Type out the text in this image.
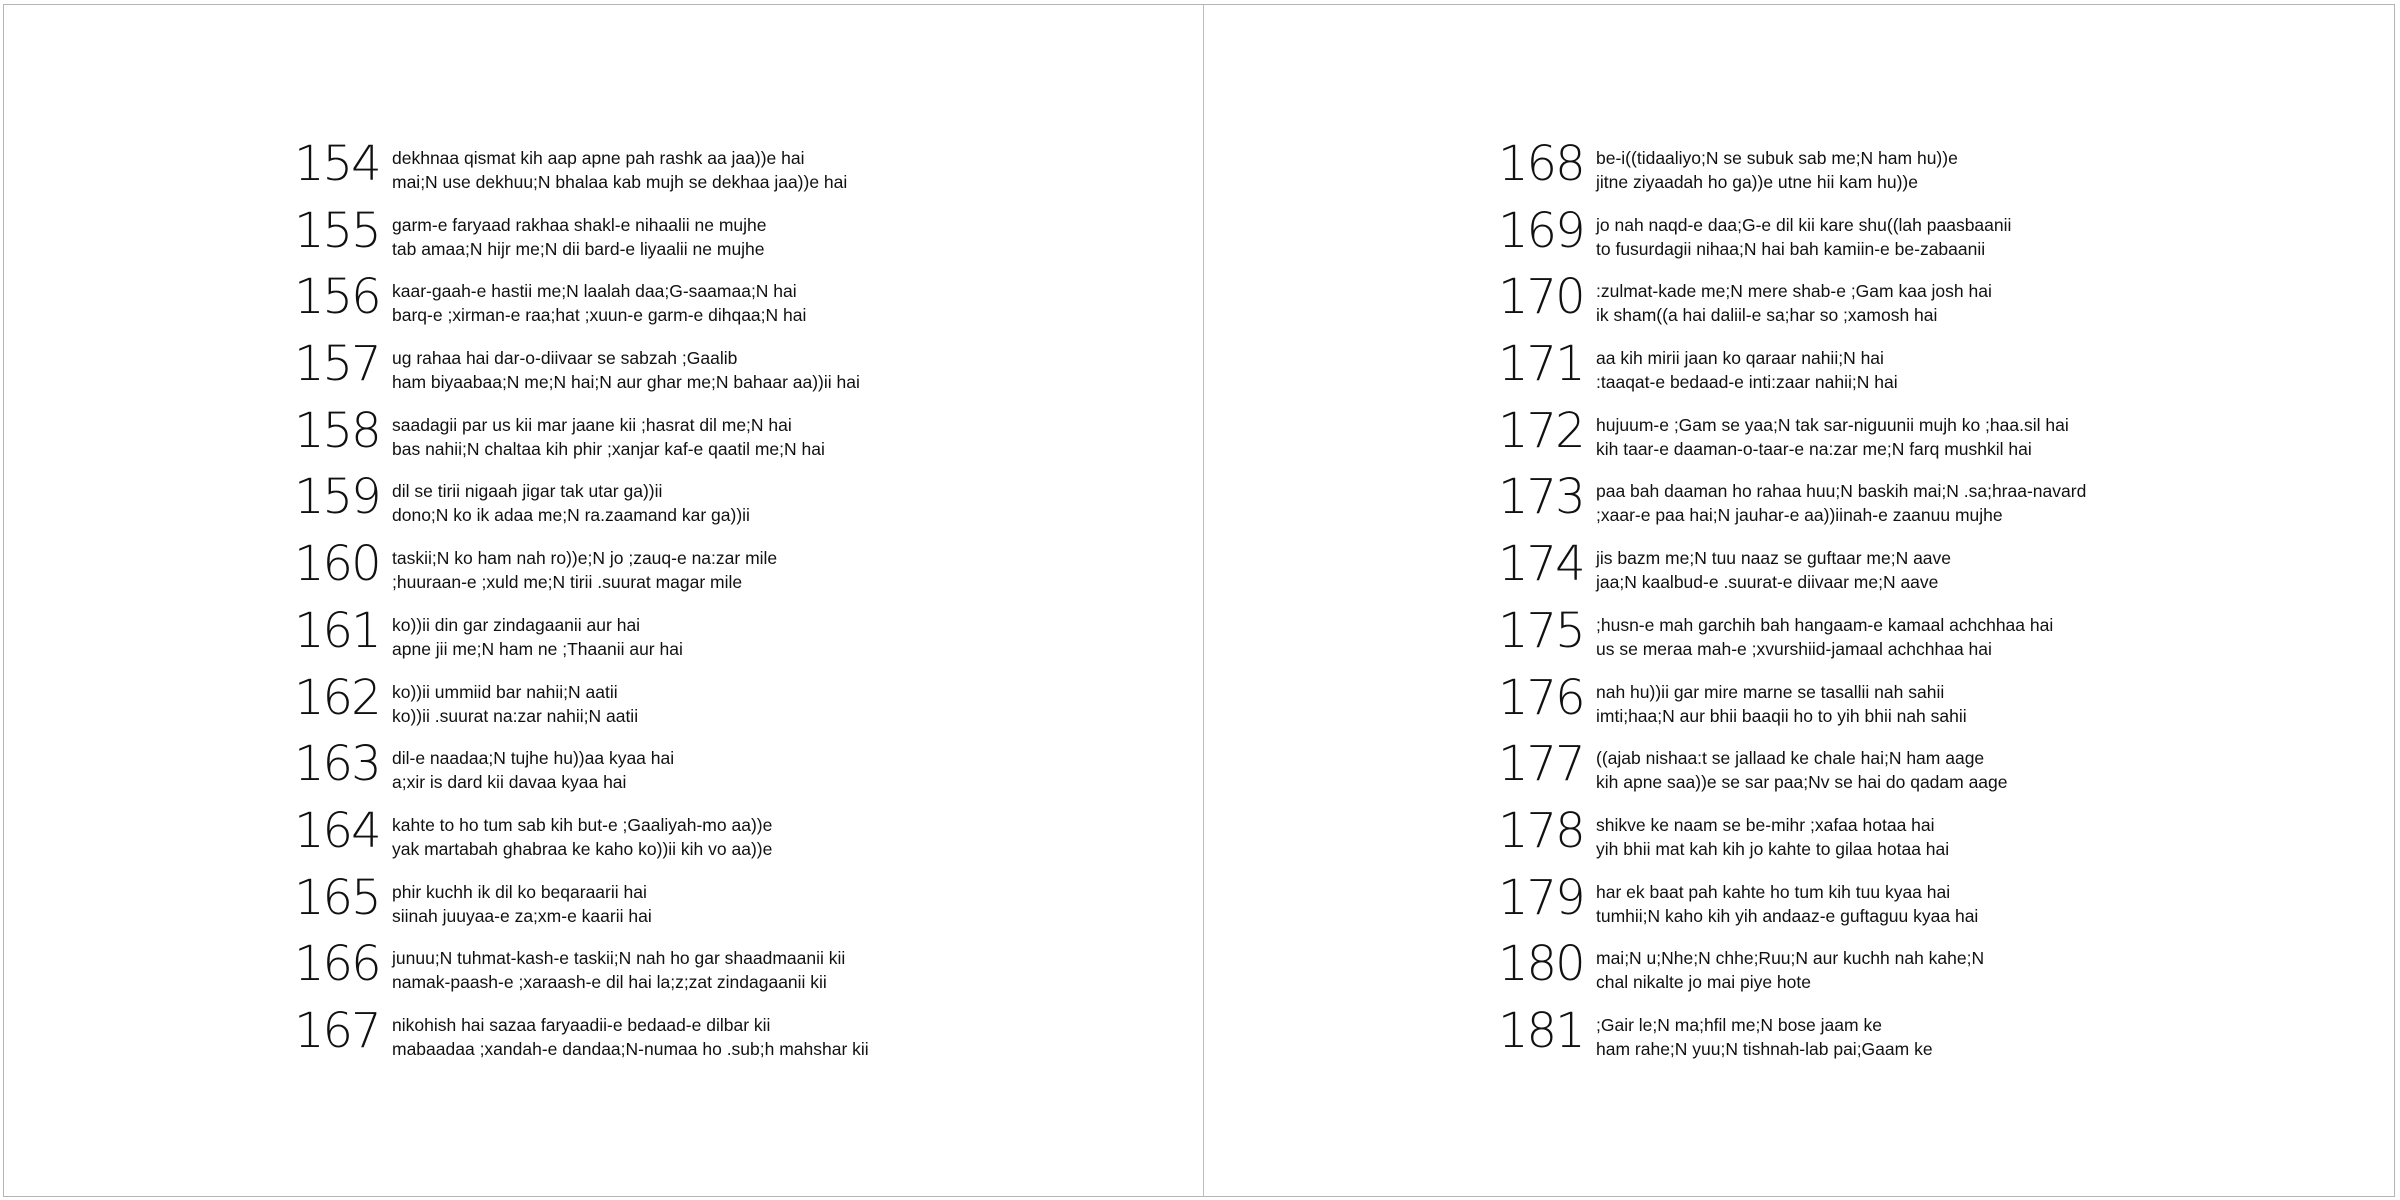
154 dekhnaa qismat kih aap apne pah rashk aa jaa))e hai
mai;N use dekhuu;N bhalaa kab mujh se dekhaa jaa))e hai
155 garm-e faryaad rakhaa shakl-e nihaalii ne mujhe
tab amaa;N hijr me;N dii bard-e liyaalii ne mujhe
156 kaar-gaah-e hastii me;N laalah daa;G-saamaa;N hai
barq-e ;xirman-e raa;hat ;xuun-e garm-e dihqaa;N hai
157 ug rahaa hai dar-o-diivaar se sabzah ;Gaalib
ham biyaabaa;N me;N hai;N aur ghar me;N bahaar aa))ii hai
158 saadagii par us kii mar jaane kii ;hasrat dil me;N hai
bas nahii;N chaltaa kih phir ;xanjar kaf-e qaatil me;N hai
159 dil se tirii nigaah jigar tak utar ga))ii
dono;N ko ik adaa me;N ra.zaamand kar ga))ii
160 taskii;N ko ham nah ro))e;N jo ;zauq-e na:zar mile
;huuraan-e ;xuld me;N tirii .suurat magar mile
161 ko))ii din gar zindagaanii aur hai
apne jii me;N ham ne ;Thaanii aur hai
162 ko))ii ummiid bar nahii;N aatii
ko))ii .suurat na:zar nahii;N aatii
163 dil-e naadaa;N tujhe hu))aa kyaa hai
a;xir is dard kii davaa kyaa hai
164 kahte to ho tum sab kih but-e ;Gaaliyah-mo aa))e
yak martabah ghabraa ke kaho ko))ii kih vo aa))e
165 phir kuchh ik dil ko beqaraarii hai
siinah juuyaa-e za;xm-e kaarii hai
166 junuu;N tuhmat-kash-e taskii;N nah ho gar shaadmaanii kii
namak-paash-e ;xaraash-e dil hai la;z;zat zindagaanii kii
167 nikohish hai sazaa faryaadii-e bedaad-e dilbar kii
mabaadaa ;xandah-e dandaa;N-numaa ho .sub;h mahshar kii
168 be-i((tidaaliyo;N se subuk sab me;N ham hu))e
jitne ziyaadah ho ga))e utne hii kam hu))e
169 jo nah naqd-e daa;G-e dil kii kare shu((lah paasbaanii
to fusurdagii nihaa;N hai bah kamiin-e be-zabaanii
170 :zulmat-kade me;N mere shab-e ;Gam kaa josh hai
ik sham((a hai daliil-e sa;har so ;xamosh hai
171 aa kih mirii jaan ko qaraar nahii;N hai
:taaqat-e bedaad-e inti:zaar nahii;N hai
172 hujuum-e ;Gam se yaa;N tak sar-niguunii mujh ko ;haa.sil hai
kih taar-e daaman-o-taar-e na:zar me;N farq mushkil hai
173 paa bah daaman ho rahaa huu;N baskih mai;N .sa;hraa-navard
;xaar-e paa hai;N jauhar-e aa))iinah-e zaanuu mujhe
174 jis bazm me;N tuu naaz se guftaar me;N aave
jaa;N kaalbud-e .suurat-e diivaar me;N aave
175 ;husn-e mah garchih bah hangaam-e kamaal achchhaa hai
us se meraa mah-e ;xvurshiid-jamaal achchhaa hai
176 nah hu))ii gar mire marne se tasallii nah sahii
imti;haa;N aur bhii baaqii ho to yih bhii nah sahii
177 ((ajab nishaa:t se jallaad ke chale hai;N ham aage
kih apne saa))e se sar paa;Nv se hai do qadam aage
178 shikve ke naam se be-mihr ;xafaa hotaa hai
yih bhii mat kah kih jo kahte to gilaa hotaa hai
179 har ek baat pah kahte ho tum kih tuu kyaa hai
tumhii;N kaho kih yih andaaz-e guftaguu kyaa hai
180 mai;N u;Nhe;N chhe;Ruu;N aur kuchh nah kahe;N
chal nikalte jo mai piye hote
181 ;Gair le;N ma;hfil me;N bose jaam ke
ham rahe;N yuu;N tishnah-lab pai;Gaam ke
